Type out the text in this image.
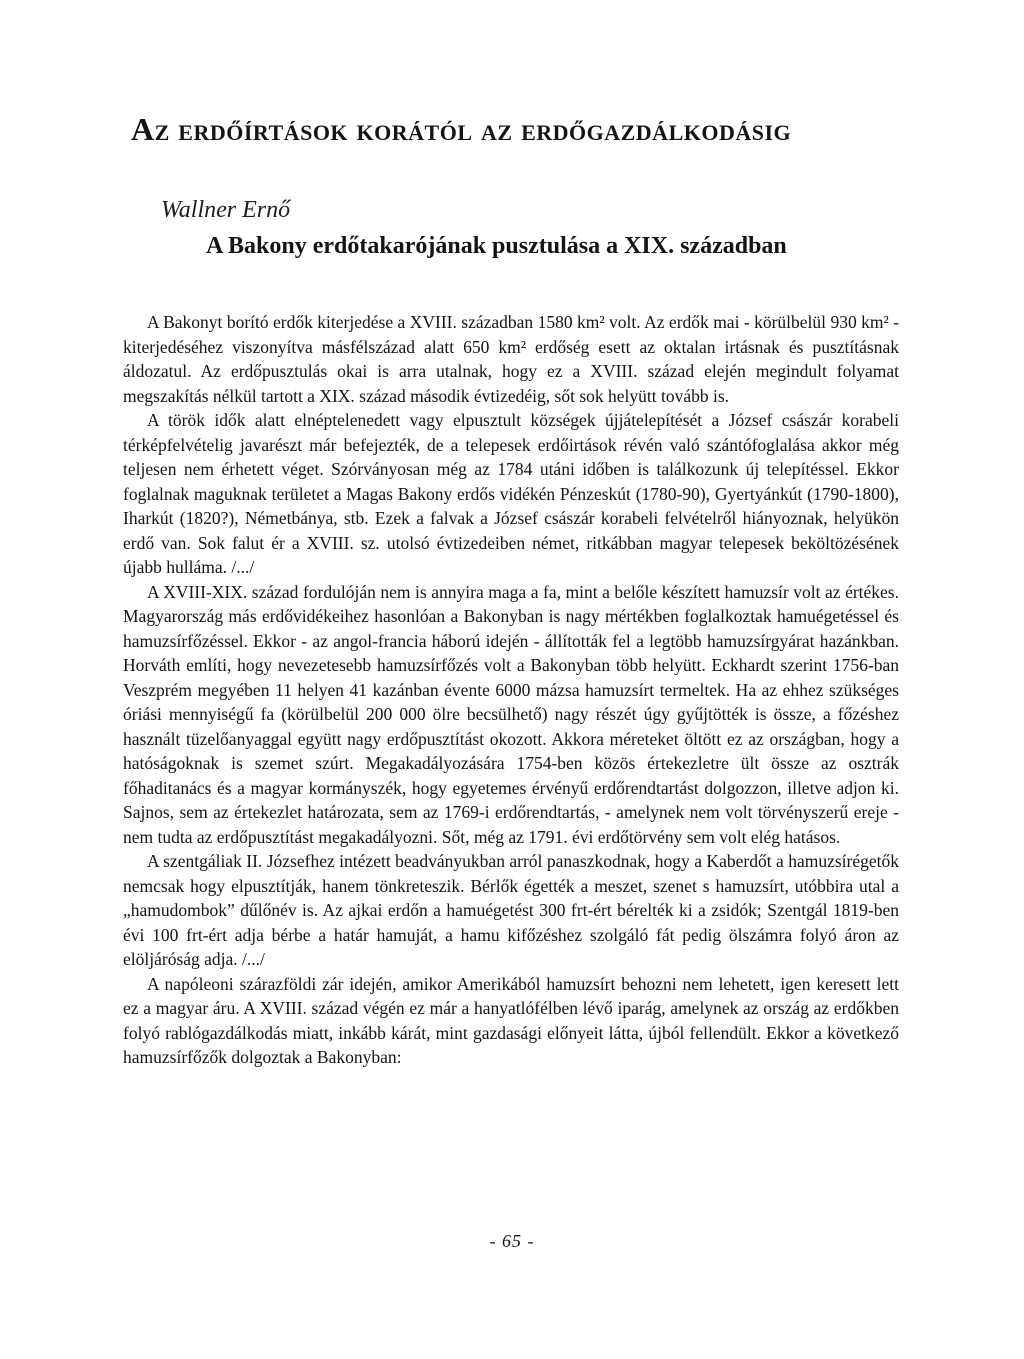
Az erdőírtások korától az erdőgazdálkodásig
Wallner Ernő
A Bakony erdőtakarójának pusztulása a XIX. században

A Bakonyt borító erdők kiterjedése a XVIII. században 1580 km² volt. Az erdők mai - körülbelül 930 km² - kiterjedéséhez viszonyítva másfélszázad alatt 650 km² erdőség esett az oktalan irtásnak és pusztításnak áldozatul. Az erdőpusztulás okai is arra utalnak, hogy ez a XVIII. század elején megindult folyamat megszakítás nélkül tartott a XIX. század második évtizedéig, sőt sok helyütt tovább is.

A török idők alatt elnéptelenedett vagy elpusztult községek újjátelepítését a József császár korabeli térképfelvételig javarészt már befejezték, de a telepesek erdőirtások révén való szántófoglalása akkor még teljesen nem érhetett véget. Szórványosan még az 1784 utáni időben is találkozunk új telepítéssel. Ekkor foglalnak maguknak területet a Magas Bakony erdős vidékén Pénzeskút (1780-90), Gyertyánkút (1790-1800), Iharkút (1820?), Németbánya, stb. Ezek a falvak a József császár korabeli felvételről hiányoznak, helyükön erdő van. Sok falut ér a XVIII. sz. utolsó évtizedeiben német, ritkábban magyar telepesek beköltözésének újabb hulláma. /.../

A XVIII-XIX. század fordulóján nem is annyira maga a fa, mint a belőle készített hamuzsír volt az értékes. Magyarország más erdővidékeihez hasonlóan a Bakonyban is nagy mértékben foglalkoztak hamuégetéssel és hamuzsírfőzéssel. Ekkor - az angol-francia háború idején - állították fel a legtöbb hamuzsírgyárat hazánkban. Horváth említi, hogy nevezetesebb hamuzsírfőzés volt a Bakonyban több helyütt. Eckhardt szerint 1756-ban Veszprém megyében 11 helyen 41 kazánban évente 6000 mázsa hamuzsírt termeltek. Ha az ehhez szükséges óriási mennyiségű fa (körülbelül 200 000 ölre becsülhető) nagy részét úgy gyűjtötték is össze, a főzéshez használt tüzelőanyaggal együtt nagy erdőpusztítást okozott. Akkora méreteket öltött ez az országban, hogy a hatóságoknak is szemet szúrt. Megakadályozására 1754-ben közös értekezletre ült össze az osztrák főhaditanács és a magyar kormányszék, hogy egyetemes érvényű erdőrendtartást dolgozzon, illetve adjon ki. Sajnos, sem az értekezlet határozata, sem az 1769-i erdőrendtartás, - amelynek nem volt törvényszerű ereje - nem tudta az erdőpusztítást megakadályozni. Sőt, még az 1791. évi erdőtörvény sem volt elég hatásos.

A szentgáliak II. Józsefhez intézett beadványukban arról panaszkodnak, hogy a Kaberdőt a hamuzsírégetők nemcsak hogy elpusztítják, hanem tönkreteszik. Bérlők égették a meszet, szenet s hamuzsírt, utóbbira utal a „hamudombok” dűlőnév is. Az ajkai erdőn a hamuégetést 300 frt-ért bérelték ki a zsidók; Szentgál 1819-ben évi 100 frt-ért adja bérbe a határ hamuját, a hamu kifőzéshez szolgáló fát pedig ölszámra folyó áron az elöljáróság adja. /.../

A napóleoni szárazföldi zár idején, amikor Amerikából hamuzsírt behozni nem lehetett, igen keresett lett ez a magyar áru. A XVIII. század végén ez már a hanyatlófélben lévő iparág, amelynek az ország az erdőkben folyó rablógazdálkodás miatt, inkább kárát, mint gazdasági előnyeit látta, újból fellendült. Ekkor a következő hamuzsírfőzők dolgoztak a Bakonyban:

- 65 -
